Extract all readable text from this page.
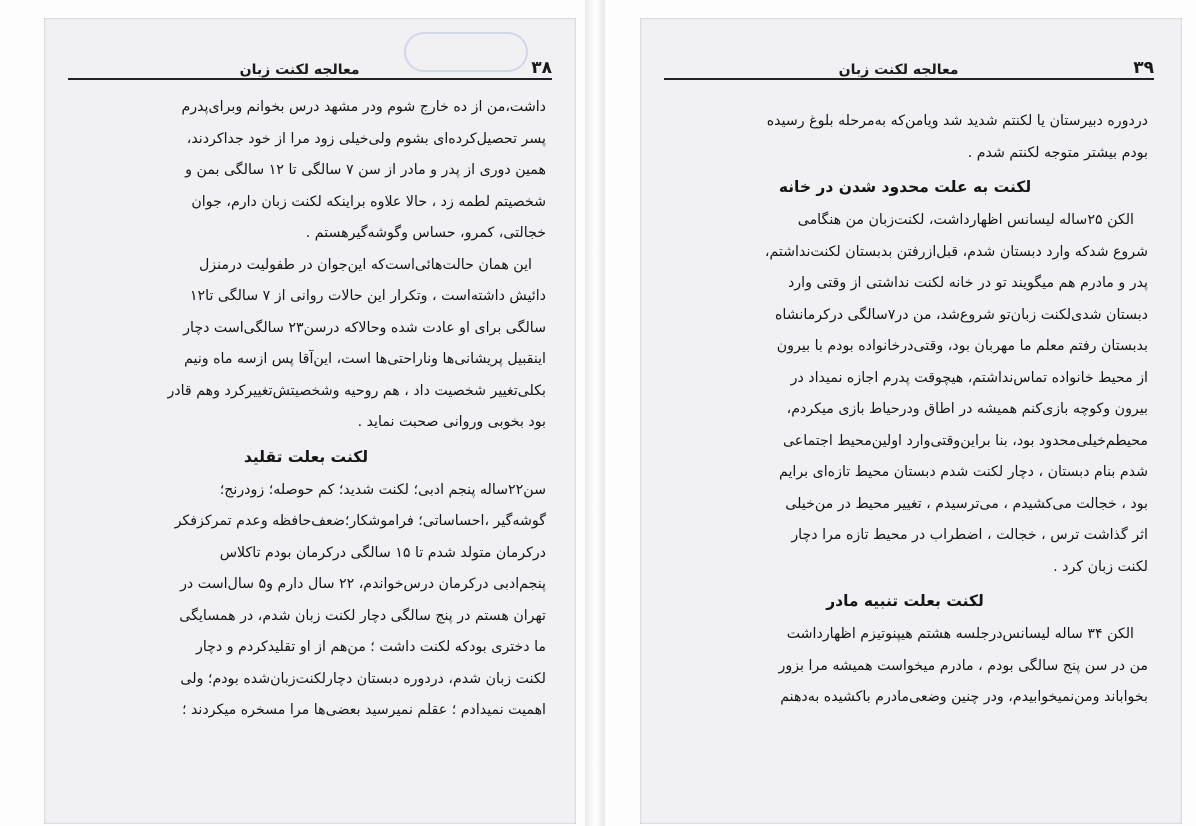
۳۸
معالجه لکنت زبان
داشت،من از ده خارج شوم ودر مشهد درس بخوانم وبرای‌پدرم
پسر تحصیل‌کرده‌ای بشوم ولی‌خیلی زود مرا از خود جداکردند،
همین دوری از پدر و مادر از سن ۷ سالگی تا ۱۲ سالگی بمن و
شخصیتم لطمه زد ، حالا علاوه براینکه لکنت زبان دارم، جوان
خجالتی، کمرو، حساس وگوشه‌گیرهستم .
این همان حالت‌هائی‌است‌که این‌جوان در طفولیت درمنزل
دائیش داشته‌است ، وتکرار این حالات روانی از ۷ سالگی تا۱۲
سالگی برای او عادت شده وحالاکه درسن۲۳ سالگی‌است دچار
اینقبیل پریشانی‌ها وناراحتی‌ها است، این‌آقا پس ازسه ماه ونیم
بکلی‌تغییر شخصیت داد ، هم روحیه وشخصیتش‌تغییرکرد وهم قادر
بود بخوبی وروانی صحبت نماید .
لکنت بعلت تقلید
سن۲۲ساله پنجم ادبی؛ لکنت شدید؛ کم حوصله؛ زودرنج؛
گوشه‌گیر ،احساساتی؛ فراموشکار؛ضعف‌حافظه وعدم تمرکزفکر
درکرمان متولد شدم تا ۱۵ سالگی درکرمان بودم تاکلاس
پنجم‌ادبی درکرمان درس‌خواندم، ۲۲ سال دارم و۵ سال‌است در
تهران هستم در پنج سالگی دچار لکنت زبان شدم، در همسایگی
ما دختری بودکه لکنت داشت ؛ من‌هم از او تقلیدکردم و دچار
لکنت زبان شدم، دردوره دبستان دچارلکنت‌زبان‌شده بودم؛ ولی
اهمیت نمیدادم ؛ عقلم نمیرسید بعضی‌ها مرا مسخره میکردند ؛
۳۹
معالجه لکنت زبان
دردوره دبیرستان یا لکنتم شدید شد ویامن‌که به‌مرحله بلوغ رسیده
بودم بیشتر متوجه لکنتم شدم .
لکنت به علت محدود شدن در خانه
الکن ۲۵ساله لیسانس اظهارداشت، لکنت‌زبان من هنگامی
شروع شدکه وارد دبستان شدم، قبل‌ازرفتن بدبستان لکنت‌نداشتم،
پدر و مادرم هم میگویند تو در خانه لکنت نداشتی از وقتی وارد
دبستان شدی‌لکنت زبان‌تو شروع‌شد، من در۷سالگی درکرمانشاه
بدبستان رفتم معلم ما مهربان بود، وقتی‌درخانواده بودم با بیرون
از محیط خانواده تماس‌نداشتم، هیچوقت پدرم اجازه نمیداد در
بیرون وکوچه بازی‌کنم همیشه در اطاق ودرحیاط بازی میکردم،
محیطم‌خیلی‌محدود بود، بنا براین‌وقتی‌وارد اولین‌محیط اجتماعی
شدم بنام دبستان ، دچار لکنت شدم دبستان محیط تازه‌ای برایم
بود ، خجالت می‌کشیدم ، می‌ترسیدم ، تغییر محیط در من‌خیلی
اثر گذاشت ترس ، خجالت ، اضطراب در محیط تازه مرا دچار
لکنت زبان کرد .
لکنت بعلت تنبیه مادر
الکن ۳۴ ساله لیسانس‌درجلسه هشتم هیپنوتیزم اظهارداشت
من در سن پنج سالگی بودم ، مادرم میخواست همیشه مرا بزور
بخواباند ومن‌نمیخوابیدم، ودر چنین وضعی‌مادرم باکشیده به‌دهنم
